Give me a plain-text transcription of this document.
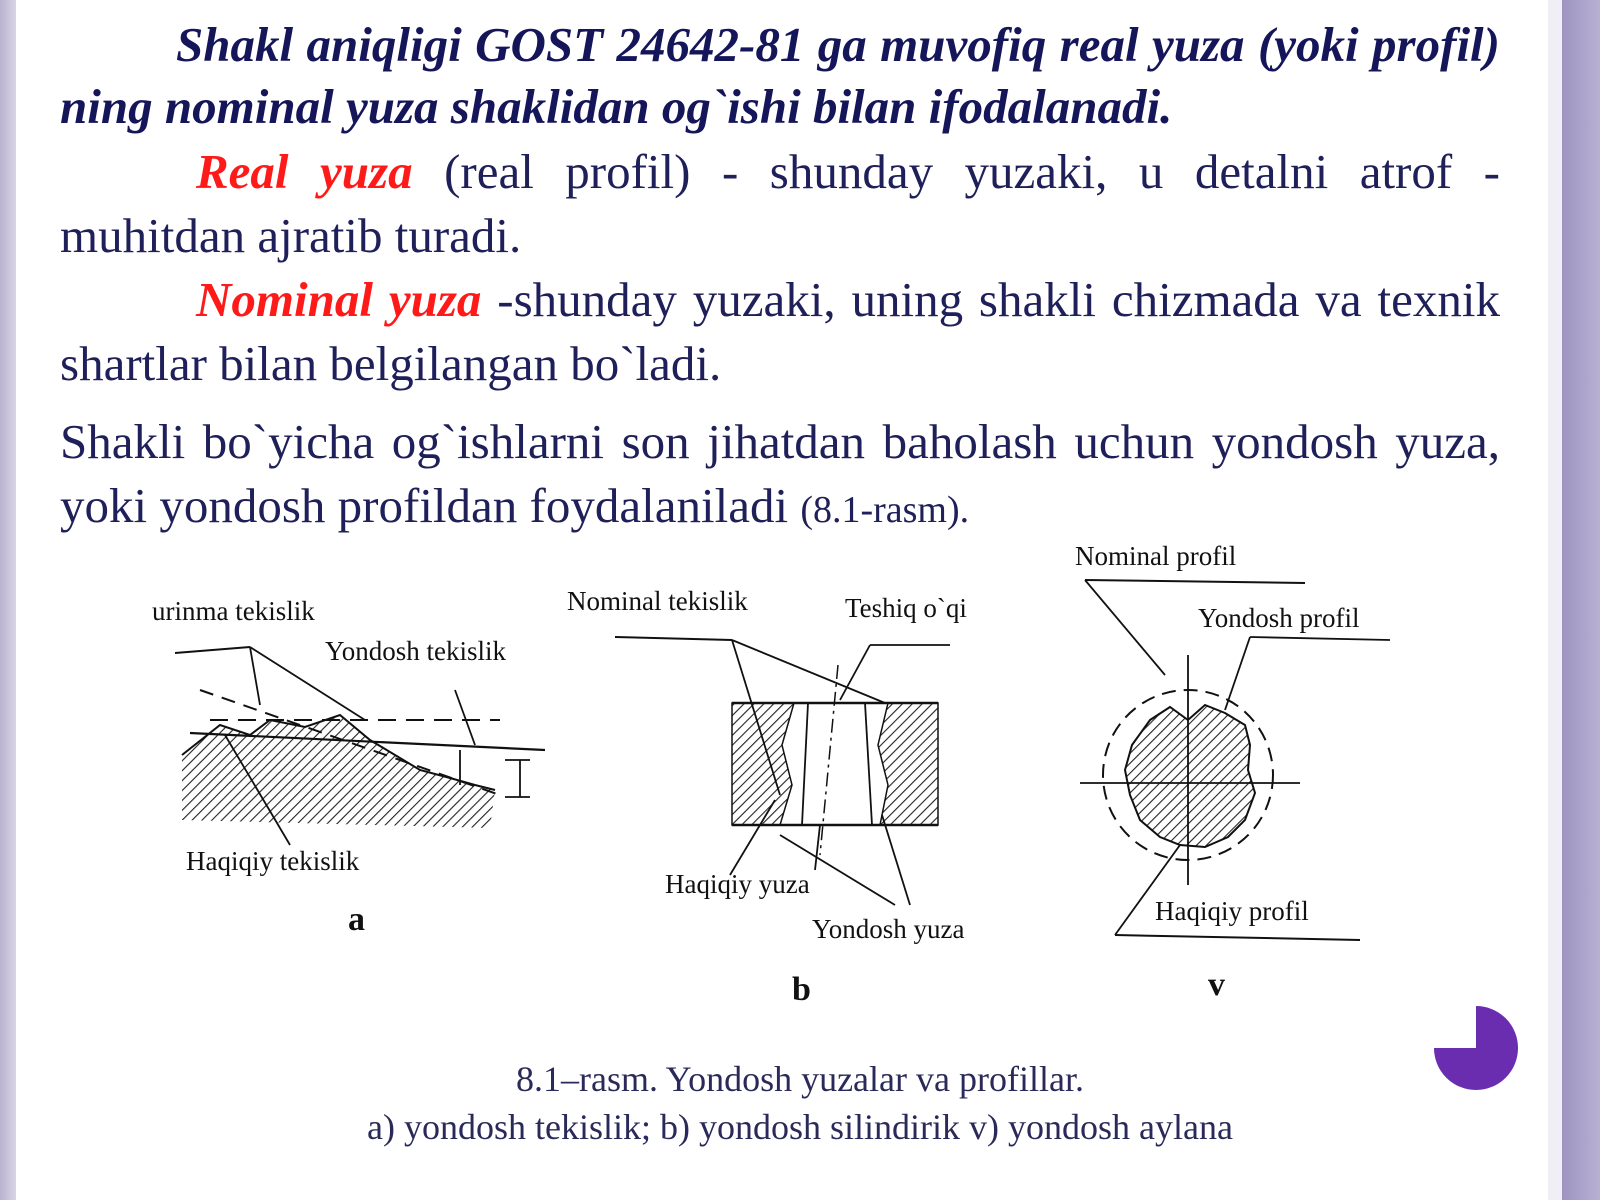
Shakl aniqligi GOST 24642-81 ga muvofiq real yuza (yoki profil) ning nominal yuza shaklidan og`ishi bilan ifodalanadi.
Real yuza (real profil) - shunday yuzaki, u detalni atrof - muhitdan ajratib turadi.
Nominal yuza -shunday yuzaki, uning shakli chizmada va texnik shartlar bilan belgilangan bo`ladi.
Shakli bo`yicha og`ishlarni son jihatdan baholash uchun yondosh yuza, yoki yondosh profildan foydalaniladi (8.1-rasm).
urinma tekislik
Yondosh tekislik
Haqiqiy tekislik
a
Nominal tekislik	Teshiq o`qi
Haqiqiy yuza
Yondosh yuza
b
Nominal profil
Yondosh profil
Haqiqiy profil
v
8.1–rasm. Yondosh yuzalar va profillar.
a) yondosh tekislik; b) yondosh silindirik v) yondosh aylana
